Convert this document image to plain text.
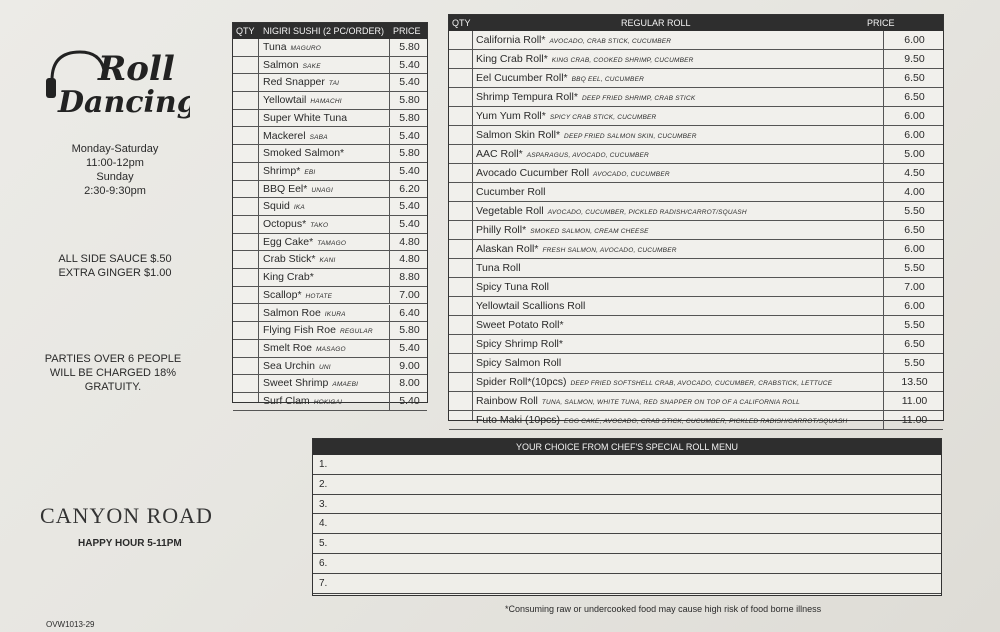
Roll
Dancing
Monday-Saturday
11:00-12pm
Sunday
2:30-9:30pm
ALL SIDE SAUCE $.50
EXTRA GINGER $1.00
PARTIES OVER 6 PEOPLE
WILL BE CHARGED 18%
GRATUITY.
CANYON ROAD
HAPPY HOUR 5-11PM
OVW1013-29
QTY NIGIRI SUSHI (2 PC/ORDER) PRICE
Tuna MAGURO	5.80
Salmon SAKE	5.40
Red Snapper TAI	5.40
Yellowtail HAMACHI	5.80
Super White Tuna	5.80
Mackerel SABA	5.40
Smoked Salmon*	5.80
Shrimp* EBI	5.40
BBQ Eel* UNAGI	6.20
Squid IKA	5.40
Octopus* TAKO	5.40
Egg Cake* TAMAGO	4.80
Crab Stick* KANI	4.80
King Crab*	8.80
Scallop* HOTATE	7.00
Salmon Roe IKURA	6.40
Flying Fish Roe REGULAR	5.80
Smelt Roe MASAGO	5.40
Sea Urchin UNI	9.00
Sweet Shrimp AMAEBI	8.00
Surf Clam HOKIGAI	5.40
QTY	REGULAR ROLL	PRICE
California Roll* AVOCADO, CRAB STICK, CUCUMBER	6.00
King Crab Roll* KING CRAB, COOKED SHRIMP, CUCUMBER	9.50
Eel Cucumber Roll* BBQ EEL, CUCUMBER	6.50
Shrimp Tempura Roll* DEEP FRIED SHRIMP, CRAB STICK	6.50
Yum Yum Roll* SPICY CRAB STICK, CUCUMBER	6.00
Salmon Skin Roll* DEEP FRIED SALMON SKIN, CUCUMBER	6.00
AAC Roll* ASPARAGUS, AVOCADO, CUCUMBER	5.00
Avocado Cucumber Roll AVOCADO, CUCUMBER	4.50
Cucumber Roll	4.00
Vegetable Roll AVOCADO, CUCUMBER, PICKLED RADISH/CARROT/SQUASH	5.50
Philly Roll* SMOKED SALMON, CREAM CHEESE	6.50
Alaskan Roll* FRESH SALMON, AVOCADO, CUCUMBER	6.00
Tuna Roll	5.50
Spicy Tuna Roll	7.00
Yellowtail Scallions Roll	6.00
Sweet Potato Roll*	5.50
Spicy Shrimp Roll*	6.50
Spicy Salmon Roll	5.50
Spider Roll*(10pcs) DEEP FRIED SOFTSHELL CRAB, AVOCADO, CUCUMBER, CRABSTICK, LETTUCE	13.50
Rainbow Roll TUNA, SALMON, WHITE TUNA, RED SNAPPER ON TOP OF A CALIFORNIA ROLL	11.00
Futo Maki (10pcs) EGG CAKE, AVOCADO, CRAB STICK, CUCUMBER, PICKLED RADISH/CARROT/SQUASH	11.00
YOUR CHOICE FROM CHEF'S SPECIAL ROLL MENU
1.
2.
3.
4.
5.
6.
7.
*Consuming raw or undercooked food may cause high risk of food borne illness
